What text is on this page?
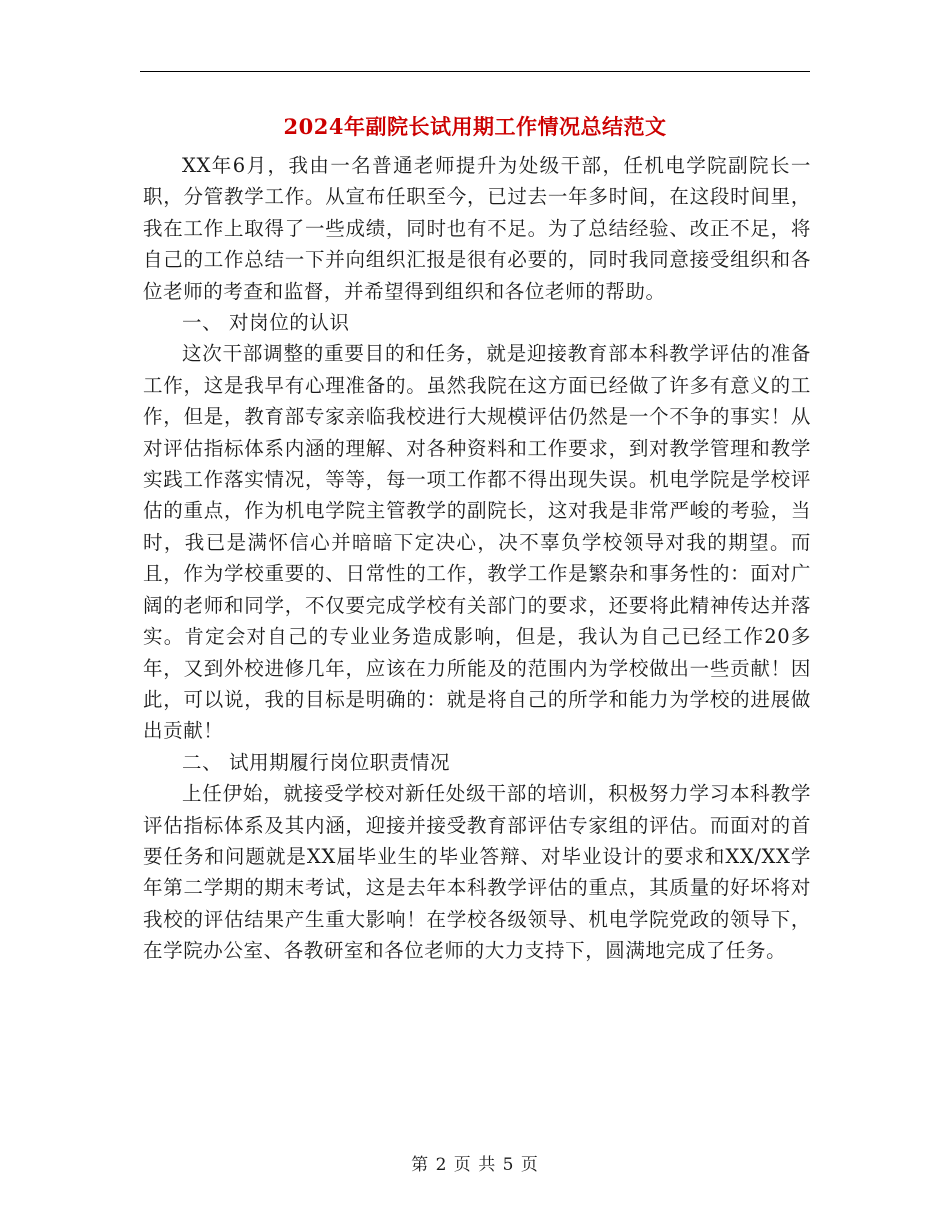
2024年副院长试用期工作情况总结范文

XX年6月，我由一名普通老师提升为处级干部，任机电学院副院长一职，分管教学工作。从宣布任职至今，已过去一年多时间，在这段时间里，我在工作上取得了一些成绩，同时也有不足。为了总结经验、改正不足，将自己的工作总结一下并向组织汇报是很有必要的，同时我同意接受组织和各位老师的考查和监督，并希望得到组织和各位老师的帮助。

一、 对岗位的认识

这次干部调整的重要目的和任务，就是迎接教育部本科教学评估的准备工作，这是我早有心理准备的。虽然我院在这方面已经做了许多有意义的工作，但是，教育部专家亲临我校进行大规模评估仍然是一个不争的事实！从对评估指标体系内涵的理解、对各种资料和工作要求，到对教学管理和教学实践工作落实情况，等等，每一项工作都不得出现失误。机电学院是学校评估的重点，作为机电学院主管教学的副院长，这对我是非常严峻的考验，当时，我已是满怀信心并暗暗下定决心，决不辜负学校领导对我的期望。而且，作为学校重要的、日常性的工作，教学工作是繁杂和事务性的：面对广阔的老师和同学，不仅要完成学校有关部门的要求，还要将此精神传达并落实。肯定会对自己的专业业务造成影响，但是，我认为自己已经工作20多年，又到外校进修几年，应该在力所能及的范围内为学校做出一些贡献！因此，可以说，我的目标是明确的：就是将自己的所学和能力为学校的进展做出贡献！

二、 试用期履行岗位职责情况

上任伊始，就接受学校对新任处级干部的培训，积极努力学习本科教学评估指标体系及其内涵，迎接并接受教育部评估专家组的评估。而面对的首要任务和问题就是XX届毕业生的毕业答辩、对毕业设计的要求和XX/XX学年第二学期的期末考试，这是去年本科教学评估的重点，其质量的好坏将对我校的评估结果产生重大影响！在学校各级领导、机电学院党政的领导下，在学院办公室、各教研室和各位老师的大力支持下，圆满地完成了任务。

第 2 页 共 5 页
